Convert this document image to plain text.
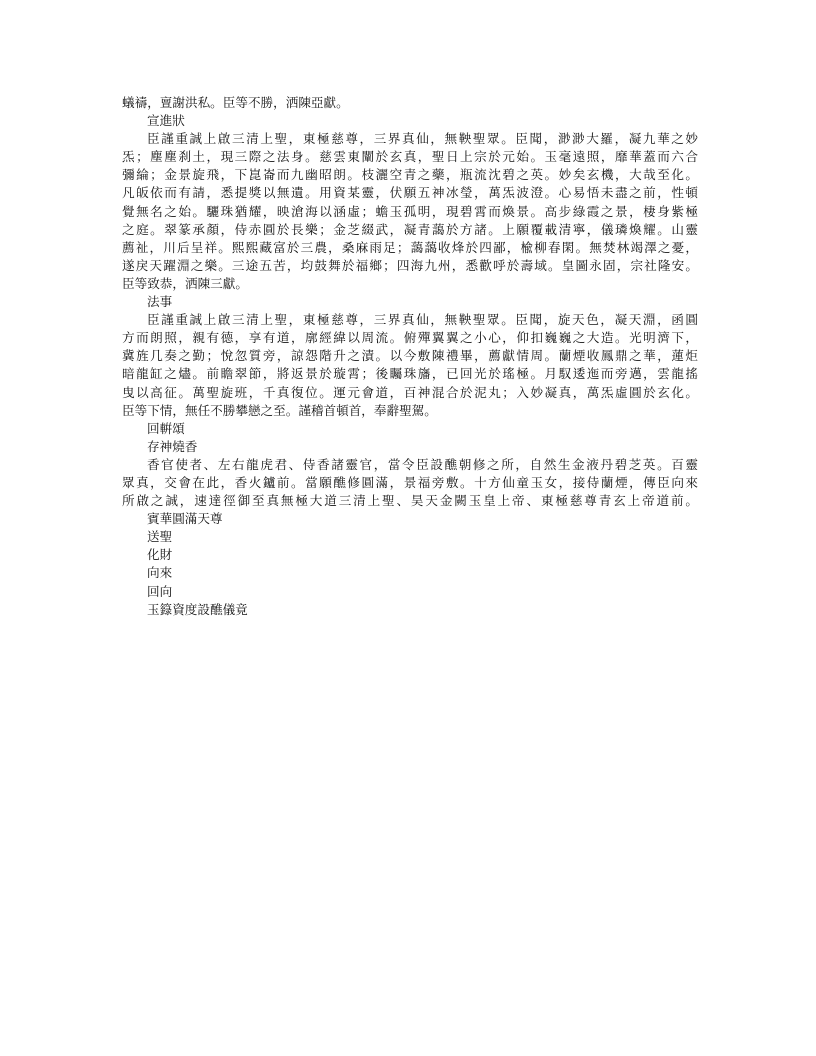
蟻禱，亶謝洪私。臣等不勝，洒陳亞獻。
宣進狀
臣謹重誠上啟三清上聖，東極慈尊，三界真仙，無鞅聖眾。臣聞，渺渺大羅，凝九華之妙
炁；塵塵刹土，現三際之法身。慈雲東闡於玄真，聖日上宗於元始。玉毫遠照，靡華蓋而六合
彌綸；金景旋飛，下崑崙而九幽昭朗。枝灑空青之藥，瓶流沈碧之英。妙矣玄機，大哉至化。
凡皈依而有請，悉提獎以無遺。用資某靈，伏願五神冰瑩，萬炁波澄。心易悟未盡之前，性頓
覺無名之始。驪珠猶耀，映滄海以涵虛；蟾玉孤明，現碧霄而煥景。高步綠霞之景，棲身紫極
之庭。翠篆承顏，侍赤圓於長樂；金芝綴武，凝青藹於方諸。上願覆載清寧，儀璘煥耀。山靈
薦祉，川后呈祥。熙熙藏富於三農，桑麻雨足；藹藹收烽於四鄙，楡柳春閑。無焚林竭澤之憂，
遂戾天躍淵之樂。三途五苦，均鼓舞於福鄉；四海九州，悉歡呼於壽域。皇圖永固，宗社隆安。
臣等致恭，洒陳三獻。
法事
臣謹重誠上啟三清上聖，東極慈尊，三界真仙，無鞅聖眾。臣聞，旋天色，凝天淵，函圓
方而朗照，親有德，享有道，廓經緯以周流。俯殫翼翼之小心，仰扣巍巍之大造。光明濟下，
冀旌几奏之勤；悅忽質旁，諒怨階升之漬。以今敷陳禮畢，薦獻情周。蘭煙收鳳鼎之華，蓮炬
暗龍缸之燼。前瞻翠節，將返景於璇霄；後矚珠旛，已回光於瑤極。月馭逶迤而旁邁，雲龍搖
曳以高征。萬聖旋班，千真復位。運元會道，百神混合於泥丸；入妙凝真，萬炁虛圓於玄化。
臣等下情，無任不勝攀戀之至。謹稽首頓首，奉辭聖駕。
回輧頌
存神燒香
香官使者、左右龍虎君、侍香諸靈官，當令臣設醮朝修之所，自然生金液丹碧芝英。百靈
眾真，交會在此，香火鑪前。當願醮修圓滿，景福旁敷。十方仙童玉女，接侍蘭煙，傳臣向來
所啟之誠，速達徑御至真無極大道三清上聖、昊天金闕玉皇上帝、東極慈尊青玄上帝道前。
賓華圓滿天尊
送聖
化財
向來
回向
玉籙資度設醮儀竟
